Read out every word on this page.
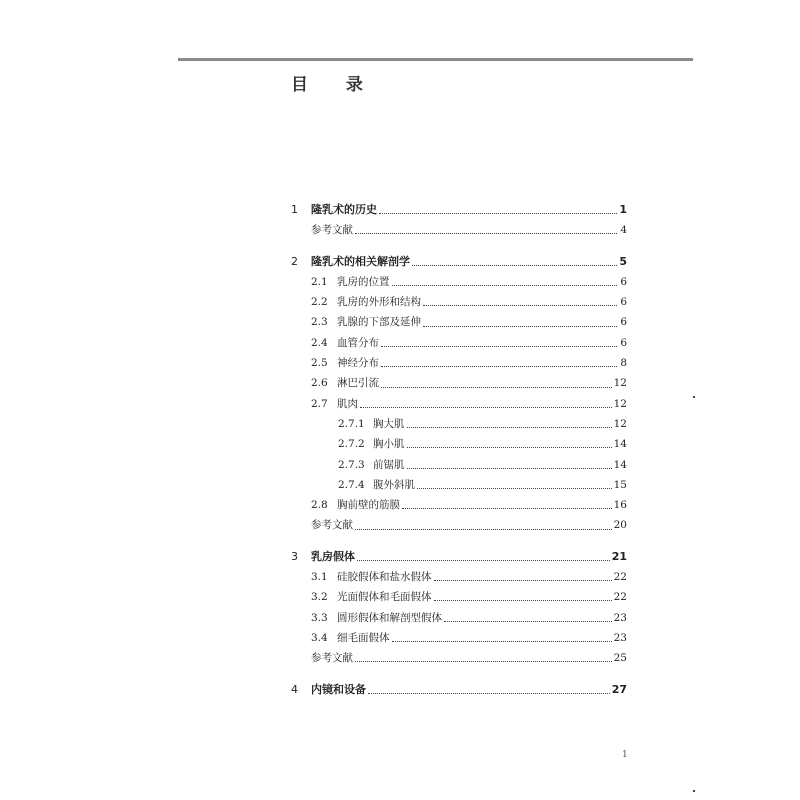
目 录
1	隆乳术的历史	1
参考文献	4
2	隆乳术的相关解剖学	5
2.1 乳房的位置	6
2.2 乳房的外形和结构	6
2.3 乳腺的下部及延伸	6
2.4 血管分布	6
2.5 神经分布	8
2.6 淋巴引流	12
2.7 肌肉	12
2.7.1 胸大肌	12
2.7.2 胸小肌	14
2.7.3 前锯肌	14
2.7.4 腹外斜肌	15
2.8 胸前壁的筋膜	16
参考文献	20
3	乳房假体	21
3.1 硅胶假体和盐水假体	22
3.2 光面假体和毛面假体	22
3.3 圆形假体和解剖型假体	23
3.4 细毛面假体	23
参考文献	25
4	内镜和设备	27
1
